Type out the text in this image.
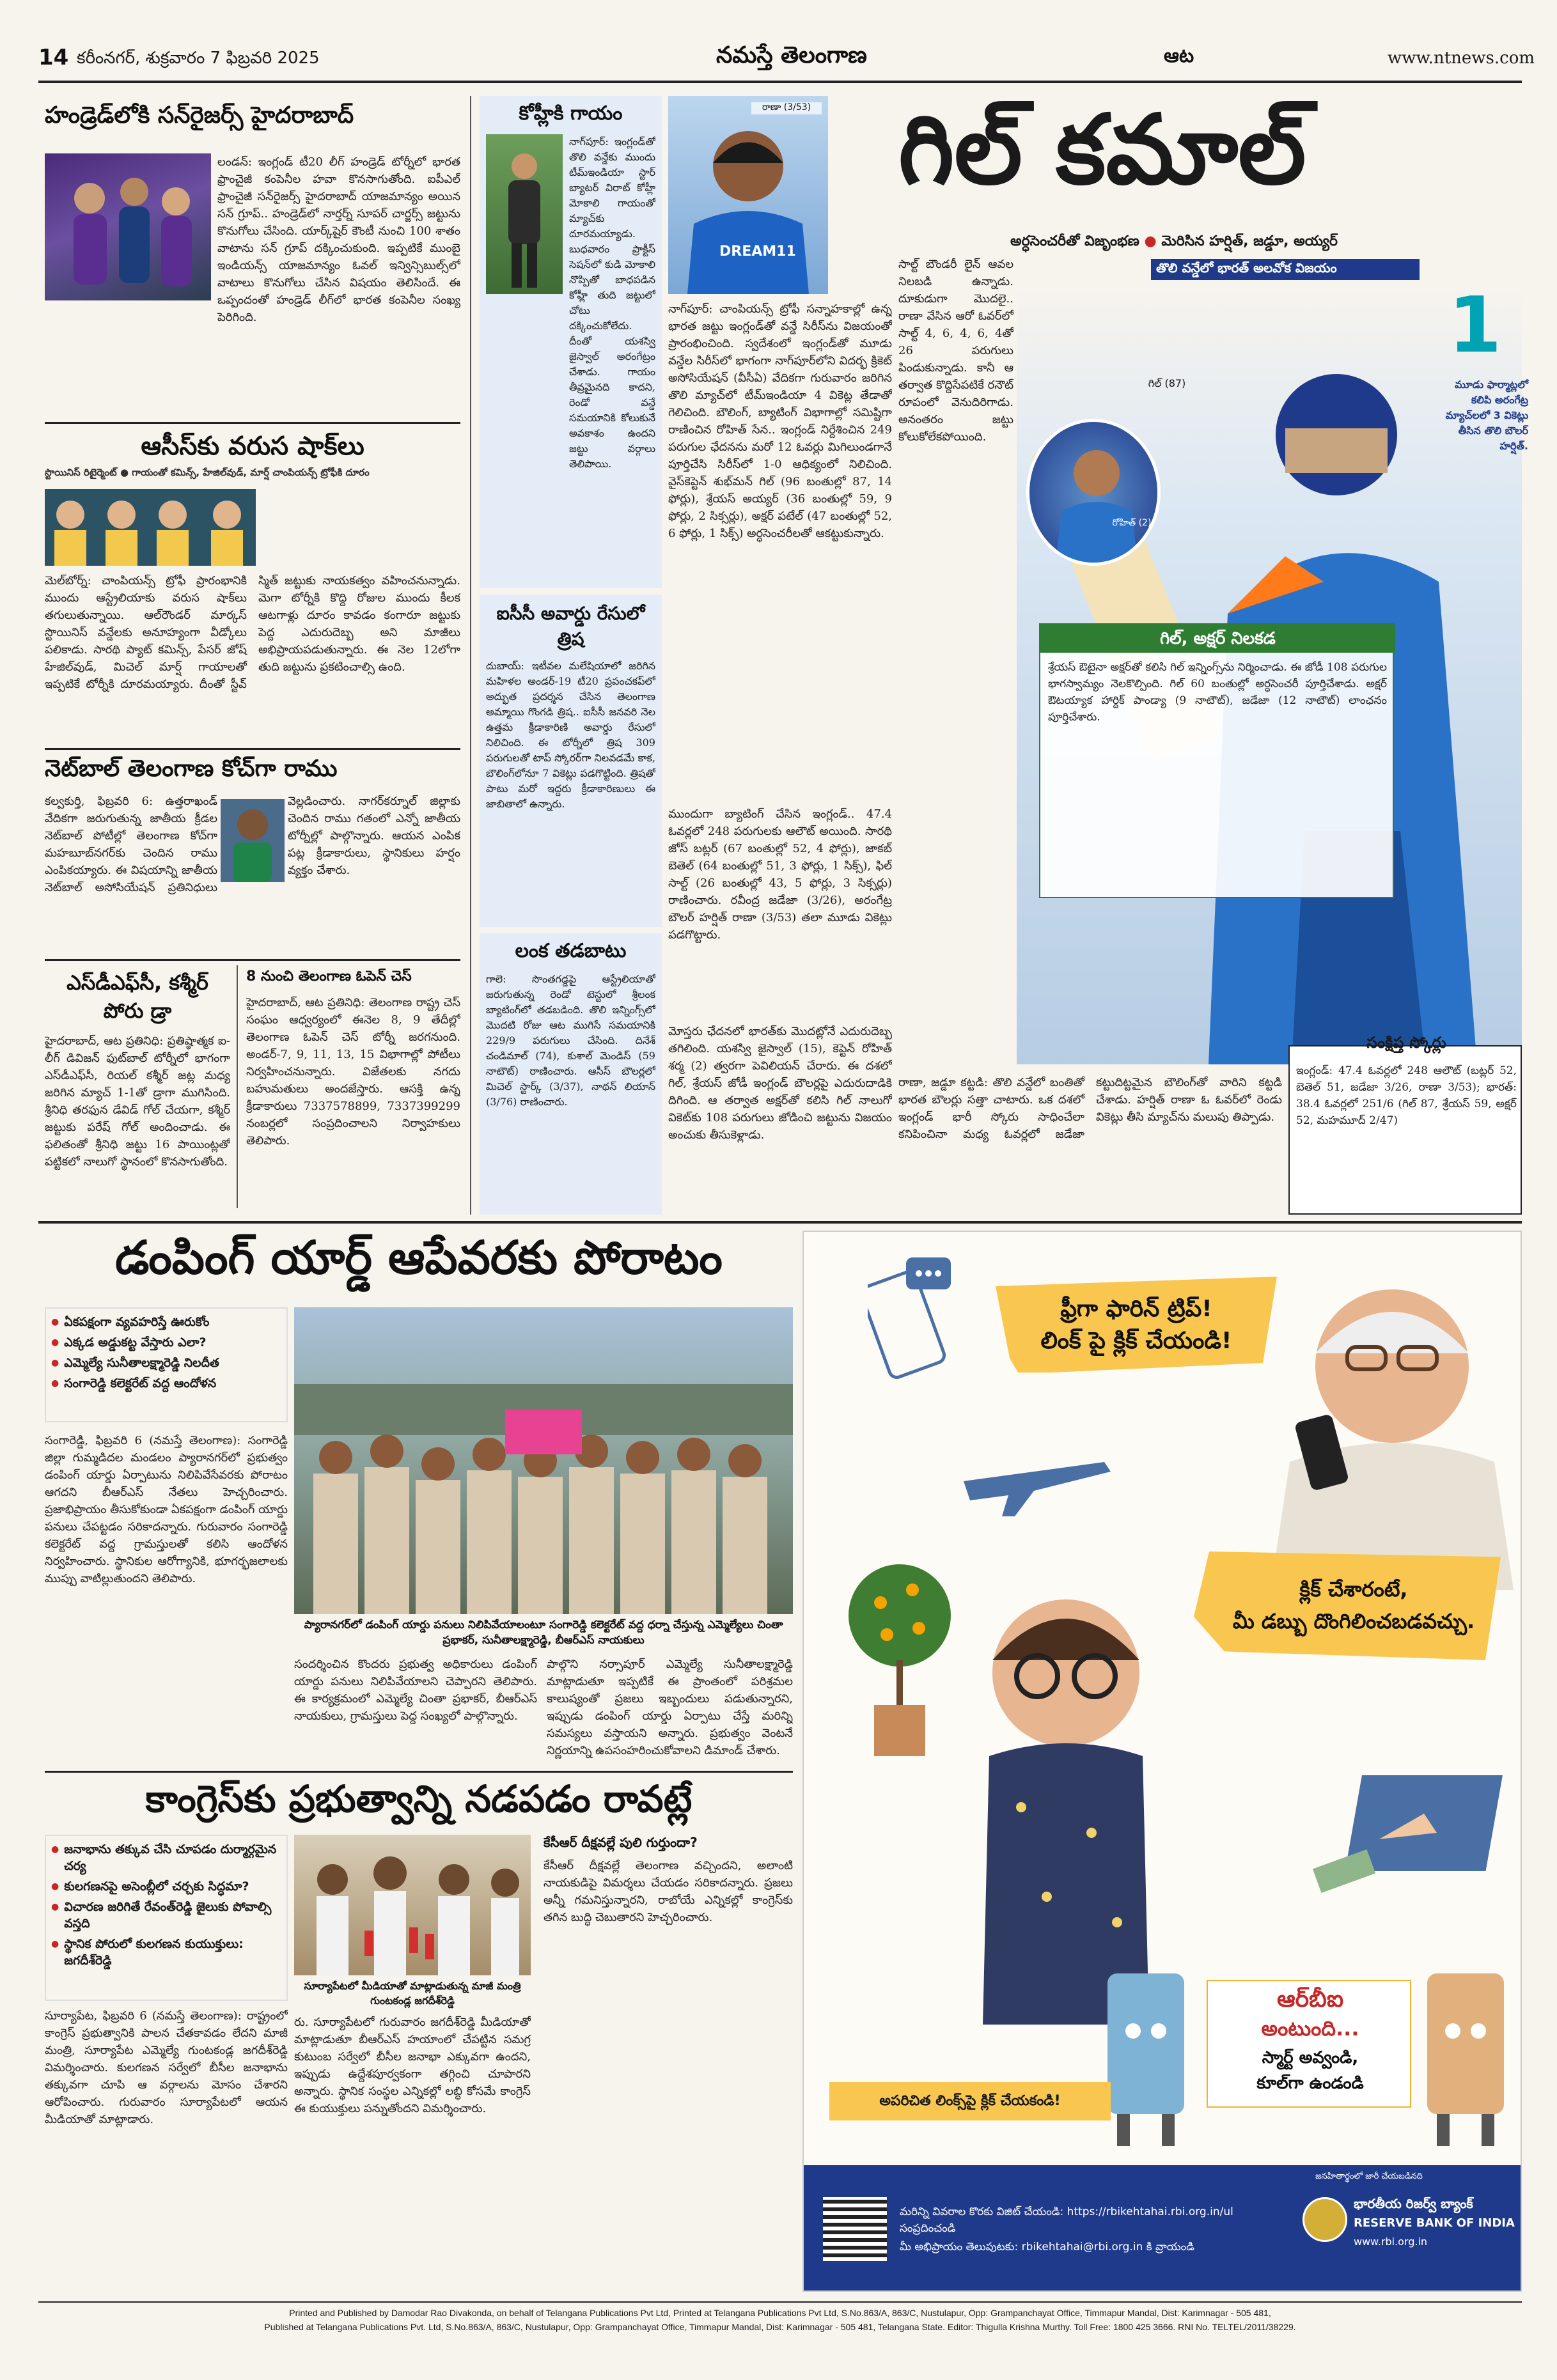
14 కరీంనగర్, శుక్రవారం 7 ఫిబ్రవరి 2025	నమస్తే తెలంగాణ	ఆట	www.ntnews.com
హండ్రెడ్‌లోకి సన్‌రైజర్స్ హైదరాబాద్
లండన్: ఇంగ్లండ్ టీ20 లీగ్ హండ్రెడ్ టోర్నీలో భారత ఫ్రాంచైజీ కంపెనీల హవా కొనసాగుతోంది. ఐపీఎల్ ఫ్రాంచైజీ సన్‌రైజర్స్ హైదరాబాద్ యాజమాన్యం అయిన సన్ గ్రూప్.. హండ్రెడ్‌లో నార్తర్న్ సూపర్ చార్జర్స్ జట్టును కొనుగోలు చేసింది. యార్క్‌షైర్ కౌంటీ నుంచి 100 శాతం వాటాను సన్ గ్రూప్ దక్కించుకుంది. ఇప్పటికే ముంబై ఇండియన్స్ యాజమాన్యం ఓవల్ ఇన్విన్సిబుల్స్‌లో వాటాలు కొనుగోలు చేసిన విషయం తెలిసిందే. ఈ ఒప్పందంతో హండ్రెడ్ లీగ్‌లో భారత కంపెనీల సంఖ్య పెరిగింది.
ఆసీస్‌కు వరుస షాక్‌లు
స్టొయినిస్ రిటైర్మెంట్ ● గాయంతో కమిన్స్, హేజిల్‌వుడ్, మార్ష్ చాంపియన్స్ ట్రోఫీకి దూరం
మెల్‌బోర్న్: చాంపియన్స్ ట్రోఫీ ప్రారంభానికి ముందు ఆస్ట్రేలియాకు వరుస షాక్‌లు తగులుతున్నాయి. ఆల్‌రౌండర్ మార్కస్ స్టొయినిస్ వన్డేలకు అనూహ్యంగా వీడ్కోలు పలికాడు. సారథి ప్యాట్ కమిన్స్, పేసర్ జోష్ హేజిల్‌వుడ్, మిచెల్ మార్ష్ గాయాలతో ఇప్పటికే టోర్నీకి దూరమయ్యారు. దీంతో స్టీవ్ స్మిత్ జట్టుకు నాయకత్వం వహించనున్నాడు. మెగా టోర్నీకి కొద్ది రోజుల ముందు కీలక ఆటగాళ్లు దూరం కావడం కంగారూ జట్టుకు పెద్ద ఎదురుదెబ్బ అని మాజీలు అభిప్రాయపడుతున్నారు. ఈ నెల 12లోగా తుది జట్టును ప్రకటించాల్సి ఉంది.
నెట్‌బాల్ తెలంగాణ కోచ్‌గా రాము
కల్వకుర్తి, ఫిబ్రవరి 6: ఉత్తరాఖండ్ వేదికగా జరుగుతున్న జాతీయ క్రీడల నెట్‌బాల్ పోటీల్లో తెలంగాణ కోచ్‌గా మహబూబ్‌నగర్‌కు చెందిన రాము ఎంపికయ్యారు. ఈ విషయాన్ని జాతీయ నెట్‌బాల్ అసోసియేషన్ ప్రతినిధులు వెల్లడించారు. నాగర్‌కర్నూల్ జిల్లాకు చెందిన రాము గతంలో ఎన్నో జాతీయ టోర్నీల్లో పాల్గొన్నారు. ఆయన ఎంపిక పట్ల క్రీడాకారులు, స్థానికులు హర్షం వ్యక్తం చేశారు.
ఎస్‌డీఎఫ్‌సీ, కశ్మీర్ పోరు డ్రా
హైదరాబాద్, ఆట ప్రతినిధి: ప్రతిష్ఠాత్మక ఐ-లీగ్ డివిజన్ ఫుట్‌బాల్ టోర్నీలో భాగంగా ఎస్‌డీఎఫ్‌సీ, రియల్ కశ్మీర్ జట్ల మధ్య జరిగిన మ్యాచ్ 1-1తో డ్రాగా ముగిసింది. శ్రీనిధి తరఫున డేవిడ్ గోల్ చేయగా, కశ్మీర్ జట్టుకు పరేష్ గోల్ అందించాడు. ఈ ఫలితంతో శ్రీనిధి జట్టు 16 పాయింట్లతో పట్టికలో నాలుగో స్థానంలో కొనసాగుతోంది.
8 నుంచి తెలంగాణ ఓపెన్ చెస్
హైదరాబాద్, ఆట ప్రతినిధి: తెలంగాణ రాష్ట్ర చెస్ సంఘం ఆధ్వర్యంలో ఈనెల 8, 9 తేదీల్లో తెలంగాణ ఓపెన్ చెస్ టోర్నీ జరగనుంది. అండర్-7, 9, 11, 13, 15 విభాగాల్లో పోటీలు నిర్వహించనున్నారు. విజేతలకు నగదు బహుమతులు అందజేస్తారు. ఆసక్తి ఉన్న క్రీడాకారులు 7337578899, 7337399299 నంబర్లలో సంప్రదించాలని నిర్వాహకులు తెలిపారు.
కోహ్లీకి గాయం
నాగ్‌పూర్: ఇంగ్లండ్‌తో తొలి వన్డేకు ముందు టీమ్‌ఇండియా స్టార్ బ్యాటర్ విరాట్ కోహ్లీ మోకాలి గాయంతో మ్యాచ్‌కు దూరమయ్యాడు. బుధవారం ప్రాక్టీస్ సెషన్‌లో కుడి మోకాలి నొప్పితో బాధపడిన కోహ్లీ తుది జట్టులో చోటు దక్కించుకోలేదు. దీంతో యశస్వి జైస్వాల్ అరంగేట్రం చేశాడు. గాయం తీవ్రమైనది కాదని, రెండో వన్డే సమయానికి కోలుకునే అవకాశం ఉందని జట్టు వర్గాలు తెలిపాయి.
ఐసీసీ అవార్డు రేసులో త్రిష
దుబాయ్: ఇటీవల మలేషియాలో జరిగిన మహిళల అండర్-19 టీ20 ప్రపంచకప్‌లో అద్భుత ప్రదర్శన చేసిన తెలంగాణ అమ్మాయి గొంగడి త్రిష.. ఐసీసీ జనవరి నెల ఉత్తమ క్రీడాకారిణి అవార్డు రేసులో నిలిచింది. ఈ టోర్నీలో త్రిష 309 పరుగులతో టాప్ స్కోరర్‌గా నిలవడమే కాక, బౌలింగ్‌లోనూ 7 వికెట్లు పడగొట్టింది. త్రిషతో పాటు మరో ఇద్దరు క్రీడాకారిణులు ఈ జాబితాలో ఉన్నారు.
లంక తడబాటు
గాలె: సొంతగడ్డపై ఆస్ట్రేలియాతో జరుగుతున్న రెండో టెస్టులో శ్రీలంక బ్యాటింగ్‌లో తడబడింది. తొలి ఇన్నింగ్స్‌లో మొదటి రోజు ఆట ముగిసే సమయానికి 229/9 పరుగులు చేసింది. దినేశ్ చండిమాల్ (74), కుశాల్ మెండిస్ (59 నాటౌట్) రాణించారు. ఆసీస్ బౌలర్లలో మిచెల్ స్టార్క్ (3/37), నాథన్ లియాన్ (3/76) రాణించారు.
DREAM11
రాణా (3/53) గిల్ కమాల్
అర్ధసెంచరీతో విజృంభణ ● మెరిసిన హర్షిత్, జడ్డూ, అయ్యర్
తొలి వన్డేలో భారత్ అలవోక విజయం
నాగ్‌పూర్: చాంపియన్స్ ట్రోఫీ సన్నాహకాల్లో ఉన్న భారత జట్టు ఇంగ్లండ్‌తో వన్డే సిరీస్‌ను విజయంతో ప్రారంభించింది. స్వదేశంలో ఇంగ్లండ్‌తో మూడు వన్డేల సిరీస్‌లో భాగంగా నాగ్‌పూర్‌లోని విదర్భ క్రికెట్ అసోసియేషన్ (వీసీఏ) వేదికగా గురువారం జరిగిన తొలి మ్యాచ్‌లో టీమ్‌ఇండియా 4 వికెట్ల తేడాతో గెలిచింది. బౌలింగ్, బ్యాటింగ్ విభాగాల్లో సమిష్టిగా రాణించిన రోహిత్ సేన.. ఇంగ్లండ్ నిర్దేశించిన 249 పరుగుల ఛేదనను మరో 12 ఓవర్లు మిగిలుండగానే పూర్తిచేసి సిరీస్‌లో 1-0 ఆధిక్యంలో నిలిచింది. వైస్‌కెప్టెన్ శుభ్‌మన్ గిల్ (96 బంతుల్లో 87, 14 ఫోర్లు), శ్రేయస్ అయ్యర్ (36 బంతుల్లో 59, 9 ఫోర్లు, 2 సిక్సర్లు), అక్షర్ పటేల్ (47 బంతుల్లో 52, 6 ఫోర్లు, 1 సిక్స్) అర్ధసెంచరీలతో ఆకట్టుకున్నారు.
ముందుగా బ్యాటింగ్ చేసిన ఇంగ్లండ్.. 47.4 ఓవర్లలో 248 పరుగులకు ఆలౌట్ అయింది. సారథి జోస్ బట్లర్ (67 బంతుల్లో 52, 4 ఫోర్లు), జాకబ్ బెతెల్ (64 బంతుల్లో 51, 3 ఫోర్లు, 1 సిక్స్), ఫిల్ సాల్ట్ (26 బంతుల్లో 43, 5 ఫోర్లు, 3 సిక్సర్లు) రాణించారు. రవీంద్ర జడేజా (3/26), అరంగేట్ర బౌలర్ హర్షిత్ రాణా (3/53) తలా మూడు వికెట్లు పడగొట్టారు.
మోస్తరు ఛేదనలో భారత్‌కు మొదట్లోనే ఎదురుదెబ్బ తగిలింది. యశస్వి జైస్వాల్ (15), కెప్టెన్ రోహిత్ శర్మ (2) త్వరగా పెవిలియన్ చేరారు. ఈ దశలో గిల్, శ్రేయస్ జోడీ ఇంగ్లండ్ బౌలర్లపై ఎదురుదాడికి దిగింది. ఆ తర్వాత అక్షర్‌తో కలిసి గిల్ నాలుగో వికెట్‌కు 108 పరుగులు జోడించి జట్టును విజయం అంచుకు తీసుకెళ్లాడు.
సాల్ట్ బౌండరీ లైన్ ఆవల నిలబడి ఉన్నాడు. దూకుడుగా మొదలై.. రాణా వేసిన ఆరో ఓవర్‌లో సాల్ట్ 4, 6, 4, 6, 4తో 26 పరుగులు పిండుకున్నాడు. కానీ ఆ తర్వాత కొద్దిసేపటికే రనౌట్ రూపంలో వెనుదిరిగాడు. అనంతరం జట్టు కోలుకోలేకపోయింది.
గిల్ (87)
రోహిత్ (2)
1
మూడు ఫార్మాట్లలో కలిపి అరంగేట్ర మ్యాచ్‌లలో 3 వికెట్లు తీసిన తొలి బౌలర్ హర్షిత్.
గిల్, అక్షర్ నిలకడ
శ్రేయస్ ఔటైనా అక్షర్‌తో కలిసి గిల్ ఇన్నింగ్స్‌ను నిర్మించాడు. ఈ జోడీ 108 పరుగుల భాగస్వామ్యం నెలకొల్పింది. గిల్ 60 బంతుల్లో అర్ధసెంచరీ పూర్తిచేశాడు. అక్షర్ ఔటయ్యాక హార్దిక్ పాండ్యా (9 నాటౌట్), జడేజా (12 నాటౌట్) లాంఛనం పూర్తిచేశారు.
రాణా, జడ్డూ కట్టడి: తొలి వన్డేలో బంతితో భారత బౌలర్లు సత్తా చాటారు. ఒక దశలో ఇంగ్లండ్ భారీ స్కోరు సాధించేలా కనిపించినా మధ్య ఓవర్లలో జడేజా కట్టుదిట్టమైన బౌలింగ్‌తో వారిని కట్టడి చేశాడు. హర్షిత్ రాణా ఓ ఓవర్‌లో రెండు వికెట్లు తీసి మ్యాచ్‌ను మలుపు తిప్పాడు.
సంక్షిప్త స్కోర్లు
ఇంగ్లండ్: 47.4 ఓవర్లలో 248 ఆలౌట్ (బట్లర్ 52, బెతెల్ 51, జడేజా 3/26, రాణా 3/53); భారత్: 38.4 ఓవర్లలో 251/6 (గిల్ 87, శ్రేయస్ 59, అక్షర్ 52, మహమూద్ 2/47)
డంపింగ్ యార్డ్ ఆపేవరకు పోరాటం
● ఏకపక్షంగా వ్యవహరిస్తే ఊరుకోం
● ఎక్కడ అడ్డుకట్ట వేస్తారు ఎలా?
● ఎమ్మెల్యే సునీతాలక్ష్మారెడ్డి నిలదీత
● సంగారెడ్డి కలెక్టరేట్ వద్ద ఆందోళన
సంగారెడ్డి, ఫిబ్రవరి 6 (నమస్తే తెలంగాణ): సంగారెడ్డి జిల్లా గుమ్మడిదల మండలం ప్యారానగర్‌లో ప్రభుత్వం డంపింగ్ యార్డు ఏర్పాటును నిలిపివేసేవరకు పోరాటం ఆగదని బీఆర్‌ఎస్ నేతలు హెచ్చరించారు. ప్రజాభిప్రాయం తీసుకోకుండా ఏకపక్షంగా డంపింగ్ యార్డు పనులు చేపట్టడం సరికాదన్నారు. గురువారం సంగారెడ్డి కలెక్టరేట్ వద్ద గ్రామస్తులతో కలిసి ఆందోళన నిర్వహించారు. స్థానికుల ఆరోగ్యానికి, భూగర్భజలాలకు ముప్పు వాటిల్లుతుందని తెలిపారు.
ప్యారానగర్‌లో డంపింగ్ యార్డు పనులు నిలిపివేయాలంటూ సంగారెడ్డి కలెక్టరేట్ వద్ద ధర్నా చేస్తున్న ఎమ్మెల్యేలు చింతా ప్రభాకర్, సునీతాలక్ష్మారెడ్డి, బీఆర్‌ఎస్ నాయకులు
సందర్శించిన కొందరు ప్రభుత్వ అధికారులు డంపింగ్ యార్డు పనులు నిలిపివేయాలని చెప్పారని తెలిపారు. ఈ కార్యక్రమంలో ఎమ్మెల్యే చింతా ప్రభాకర్, బీఆర్‌ఎస్ నాయకులు, గ్రామస్తులు పెద్ద సంఖ్యలో పాల్గొన్నారు.
పాల్గొని నర్సాపూర్ ఎమ్మెల్యే సునీతాలక్ష్మారెడ్డి మాట్లాడుతూ ఇప్పటికే ఈ ప్రాంతంలో పరిశ్రమల కాలుష్యంతో ప్రజలు ఇబ్బందులు పడుతున్నారని, ఇప్పుడు డంపింగ్ యార్డు ఏర్పాటు చేస్తే మరిన్ని సమస్యలు వస్తాయని అన్నారు. ప్రభుత్వం వెంటనే నిర్ణయాన్ని ఉపసంహరించుకోవాలని డిమాండ్ చేశారు.
కాంగ్రెస్‌కు ప్రభుత్వాన్ని నడపడం రావట్లే
● జనాభాను తక్కువ చేసి చూపడం దుర్మార్గమైన చర్య
● కులగణనపై అసెంబ్లీలో చర్చకు సిద్ధమా?
● విచారణ జరిగితే రేవంత్‌రెడ్డి జైలుకు పోవాల్సి వస్తది
● స్థానిక పోరులో కులగణన కుయుక్తులు: జగదీశ్‌రెడ్డి
సూర్యాపేట, ఫిబ్రవరి 6 (నమస్తే తెలంగాణ): రాష్ట్రంలో కాంగ్రెస్ ప్రభుత్వానికి పాలన చేతకావడం లేదని మాజీ మంత్రి, సూర్యాపేట ఎమ్మెల్యే గుంటకండ్ల జగదీశ్‌రెడ్డి విమర్శించారు. కులగణన సర్వేలో బీసీల జనాభాను తక్కువగా చూపి ఆ వర్గాలను మోసం చేశారని ఆరోపించారు. గురువారం సూర్యాపేటలో ఆయన మీడియాతో మాట్లాడారు.
సూర్యాపేటలో మీడియాతో మాట్లాడుతున్న మాజీ మంత్రి గుంటకండ్ల జగదీశ్‌రెడ్డి
రు. సూర్యాపేటలో గురువారం జగదీశ్‌రెడ్డి మీడియాతో మాట్లాడుతూ బీఆర్‌ఎస్ హయాంలో చేపట్టిన సమగ్ర కుటుంబ సర్వేలో బీసీల జనాభా ఎక్కువగా ఉందని, ఇప్పుడు ఉద్దేశపూర్వకంగా తగ్గించి చూపారని అన్నారు. స్థానిక సంస్థల ఎన్నికల్లో లబ్ధి కోసమే కాంగ్రెస్ ఈ కుయుక్తులు పన్నుతోందని విమర్శించారు.
కేసీఆర్ దీక్షవల్లే పులి గుర్తుందా?
కేసీఆర్ దీక్షవల్లే తెలంగాణ వచ్చిందని, అలాంటి నాయకుడిపై విమర్శలు చేయడం సరికాదన్నారు. ప్రజలు అన్నీ గమనిస్తున్నారని, రాబోయే ఎన్నికల్లో కాంగ్రెస్‌కు తగిన బుద్ధి చెబుతారని హెచ్చరించారు.
ఫ్రీగా ఫారిన్ ట్రిప్!
లింక్ పై క్లిక్ చేయండి!
క్లిక్ చేశారంటే,
మీ డబ్బు దొంగిలించబడవచ్చు.
ఆర్‌బీఐ
అంటుంది...
స్మార్ట్ అవ్వండి,
కూల్‌గా ఉండండి
అపరిచిత లింక్స్‌పై క్లిక్ చేయకండి!
మరిన్ని వివరాల కొరకు విజిట్ చేయండి: https://rbikehtahai.rbi.org.in/ul సంప్రదించండి
మీ అభిప్రాయం తెలుపుటకు: rbikehtahai@rbi.org.in కి వ్రాయండి
జనహితార్థంలో జారీ చేయబడినది
భారతీయ రిజర్వ్ బ్యాంక్
RESERVE BANK OF INDIA
www.rbi.org.in
Printed and Published by Damodar Rao Divakonda, on behalf of Telangana Publications Pvt Ltd, Printed at Telangana Publications Pvt Ltd, S.No.863/A, 863/C, Nustulapur, Opp: Grampanchayat Office, Timmapur Mandal, Dist: Karimnagar - 505 481,
Published at Telangana Publications Pvt. Ltd, S.No.863/A, 863/C, Nustulapur, Opp: Grampanchayat Office, Timmapur Mandal, Dist: Karimnagar - 505 481, Telangana State. Editor: Thigulla Krishna Murthy. Toll Free: 1800 425 3666. RNI No. TELTEL/2011/38229.
